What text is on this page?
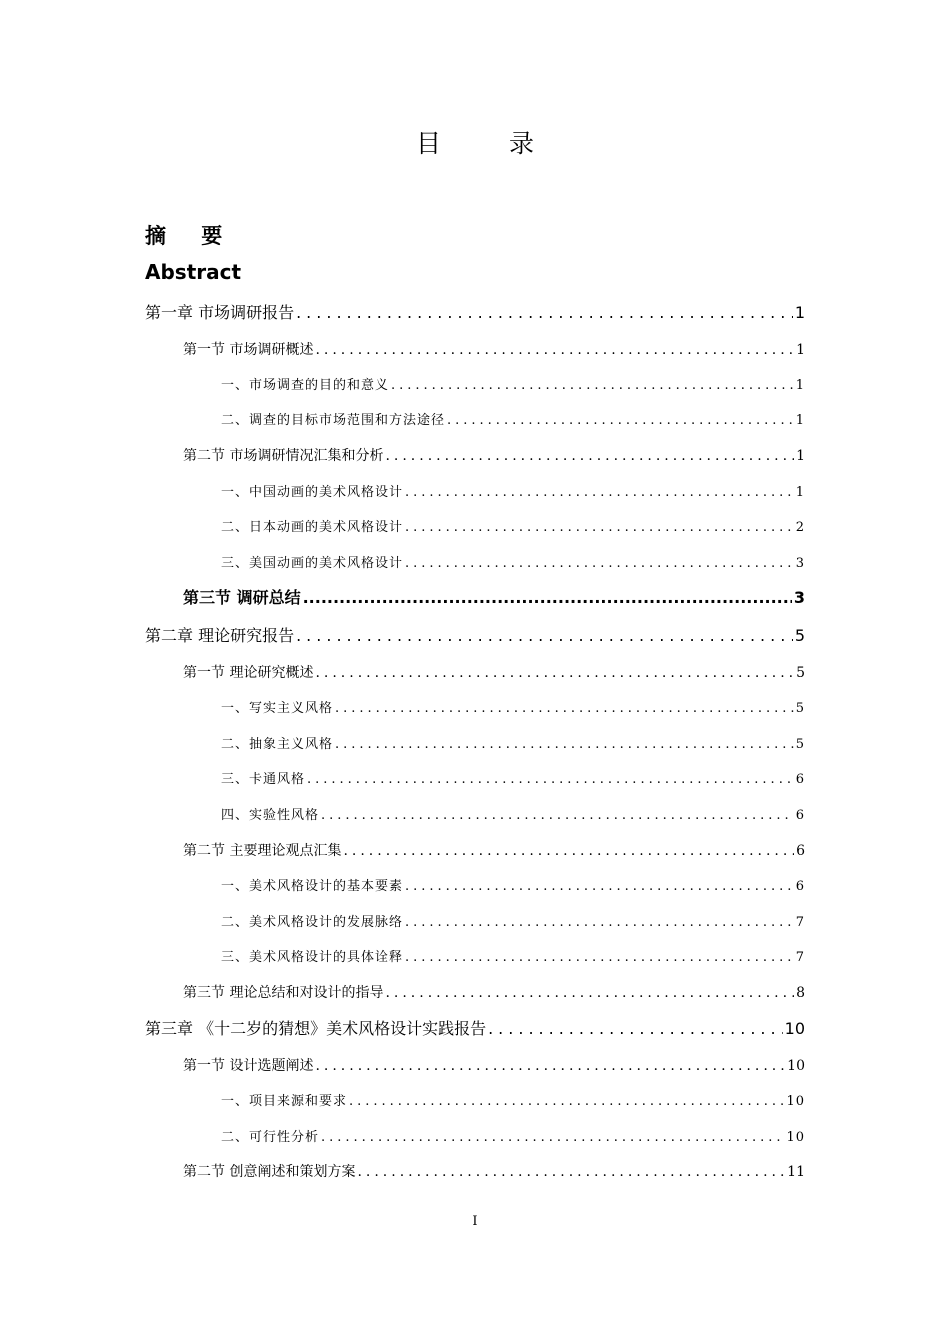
目 录
摘 要
Abstract
第一章 市场调研报告 .....	1
第一节 市场调研概述 .....	1
一、市场调查的目的和意义 .....	1
二、调查的目标市场范围和方法途径 .....	1
第二节 市场调研情况汇集和分析 .....	1
一、中国动画的美术风格设计 .....	1
二、日本动画的美术风格设计 .....	2
三、美国动画的美术风格设计 .....	3
第三节 调研总结 .....	3
第二章 理论研究报告 .....	5
第一节 理论研究概述 .....	5
一、写实主义风格 .....	5
二、抽象主义风格 .....	5
三、卡通风格 .....	6
四、实验性风格 .....	6
第二节 主要理论观点汇集 .....	6
一、美术风格设计的基本要素 .....	6
二、美术风格设计的发展脉络 .....	7
三、美术风格设计的具体诠释 .....	7
第三节 理论总结和对设计的指导 .....	8
第三章 《十二岁的猜想》美术风格设计实践报告 .....	10
第一节 设计选题阐述 .....	10
一、项目来源和要求 .....	10
二、可行性分析 .....	10
第二节 创意阐述和策划方案 .....	11
I
